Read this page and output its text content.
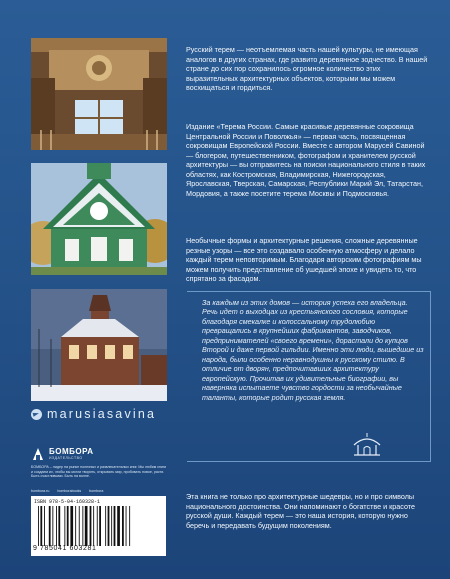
marusiasavina
БОМБОРА
ИЗДАТЕЛЬСТВО
БОМБОРА – лидер на рынке полезных и развлекательных книг. Мы любим книги и создаем их, чтобы вы могли творить, открывать мир, пробовать новое, расти. Быть счастливыми. Быть на волне.
bombora.ru bomborabooks bombora
ISBN 978-5-04-160328-1
9 785041 603281

Русский терем — неотъемлемая часть нашей культуры, не имеющая аналогов в других странах, где развито деревянное зодчество. В нашей стране до сих пор сохранилось огромное количество этих выразительных архитектурных объектов, которыми мы можем восхищаться и гордиться.

Издание «Терема России. Самые красивые деревянные сокровища Центральной России и Поволжья» — первая часть, посвященная сокровищам Европейской России. Вместе с автором Марусей Савиной — блогером, путешественником, фотографом и хранителем русской архитектуры — вы отправитесь на поиски национального стиля в таких областях, как Костромская, Владимирская, Нижегородская, Ярославская, Тверская, Самарская, Республики Марий Эл, Татарстан, Мордовия, а также посетите терема Москвы и Подмосковья.

Необычные формы и архитектурные решения, сложные деревянные резные узоры — все это создавало особенную атмосферу и делало каждый терем неповторимым. Благодаря авторским фотографиям мы можем получить представление об ушедшей эпохе и увидеть то, что спрятано за фасадом.

За каждым из этих домов — история успеха его владельца. Речь идет о выходцах из крестьянского сословия, которые благодаря смекалке и колоссальному трудолюбию превращались в крупнейших фабрикантов, заводчиков, предпринимателей «своего времени», дорастали до купцов Второй и даже первой гильдии. Именно эти люди, вышедшие из народа, были особенно неравнодушны к русскому стилю. В отличие от дворян, предпочитавших архитектуру европейскую. Прочитав их удивительные биографии, вы наверняка испытаете чувство гордости за необычайные таланты, которые родит русская земля.

Эта книга не только про архитектурные шедевры, но и про символы национального достоинства. Они напоминают о богатстве и красоте русской души. Каждый терем — это наша история, которую нужно беречь и передавать будущим поколениям.
